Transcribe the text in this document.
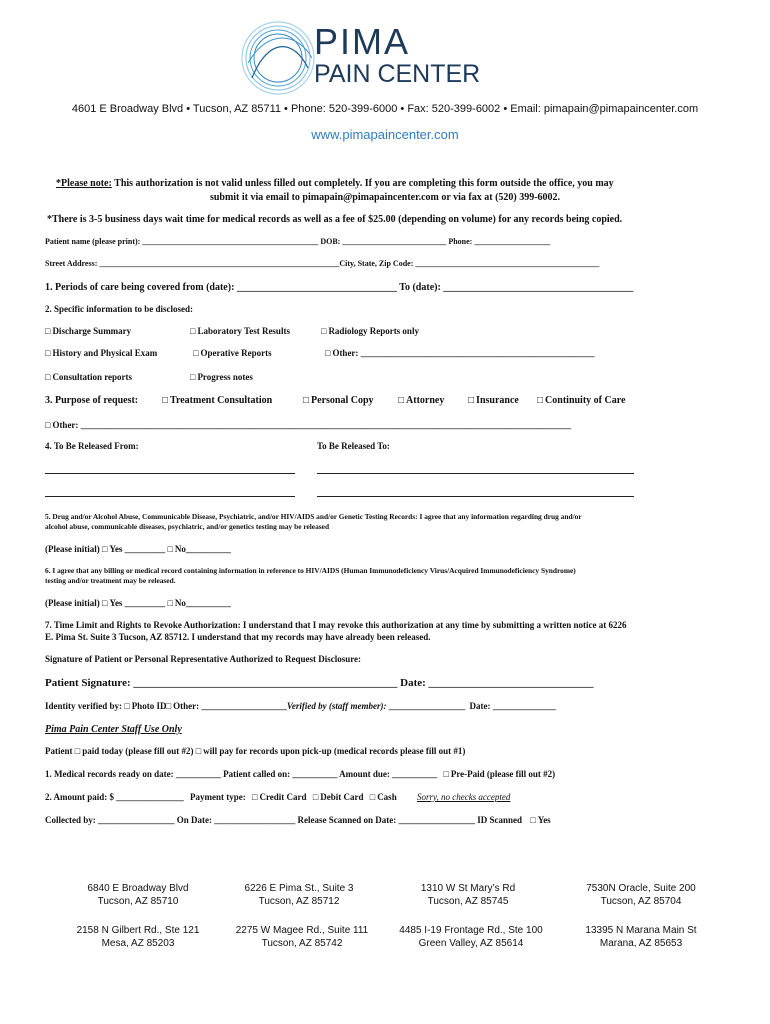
PIMA
PAIN CENTER
4601 E Broadway Blvd • Tucson, AZ 85711 • Phone: 520-399-6000 • Fax: 520-399-6002 • Email: pimapain@pimapaincenter.com
www.pimapaincenter.com
*Please note: This authorization is not valid unless filled out completely. If you are completing this form outside the office, you may
submit it via email to pimapain@pimapaincenter.com or via fax at (520) 399-6002.
*There is 3-5 business days wait time for medical records as well as a fee of $25.00 (depending on volume) for any records being copied.
Patient name (please print): ____________________________________________ DOB: __________________________ Phone: ___________________
Street Address: ____________________________________________________________City, State, Zip Code: ______________________________________________
1. Periods of care being covered from (date): ________________________________ To (date): ______________________________________
2. Specific information to be disclosed:
□ Discharge Summary	□ Laboratory Test Results	□ Radiology Reports only
□ History and Physical Exam	□ Operative Reports	□ Other: ____________________________________________________
□ Consultation reports	□ Progress notes
3. Purpose of request:	□ Treatment Consultation	□ Personal Copy	□ Attorney	□ Insurance	□ Continuity of Care
□ Other: _____________________________________________________________________________________________________________
4. To Be Released From:	To Be Released To:
5. Drug and/or Alcohol Abuse, Communicable Disease, Psychiatric, and/or HIV/AIDS and/or Genetic Testing Records: I agree that any information regarding drug and/or
alcohol abuse, communicable diseases, psychiatric, and/or genetics testing may be released
(Please initial) □ Yes _________ □ No__________
6. I agree that any billing or medical record containing information in reference to HIV/AIDS (Human Immunodeficiency Virus/Acquired Immunodeficiency Syndrome)
testing and/or treatment may be released.
(Please initial) □ Yes _________ □ No__________
7. Time Limit and Rights to Revoke Authorization: I understand that I may revoke this authorization at any time by submitting a written notice at 6226
E. Pima St. Suite 3 Tucson, AZ 85712. I understand that my records may have already been released.
Signature of Patient or Personal Representative Authorized to Request Disclosure:
Patient Signature: ________________________________________________ Date: ______________________________
Identity verified by: □ Photo ID □ Other: ___________________Verified by (staff member): _________________ Date: ______________
Pima Pain Center Staff Use Only
Patient □ paid today (please fill out #2) □ will pay for records upon pick-up (medical records please fill out #1)
1. Medical records ready on date: __________ Patient called on: __________ Amount due: __________ □ Pre-Paid (please fill out #2)
2. Amount paid: $ _______________ Payment type: □ Credit Card □ Debit Card □ Cash Sorry, no checks accepted
Collected by: _________________ On Date: __________________ Release Scanned on Date: _________________ ID Scanned □ Yes
6840 E Broadway Blvd
Tucson, AZ 85710
6226 E Pima St., Suite 3
Tucson, AZ 85712
1310 W St Mary’s Rd
Tucson, AZ 85745
7530N Oracle, Suite 200
Tucson, AZ 85704
2158 N Gilbert Rd., Ste 121
Mesa, AZ 85203
2275 W Magee Rd., Suite 111
Tucson, AZ 85742
4485 I-19 Frontage Rd., Ste 100
Green Valley, AZ 85614
13395 N Marana Main St
Marana, AZ 85653
